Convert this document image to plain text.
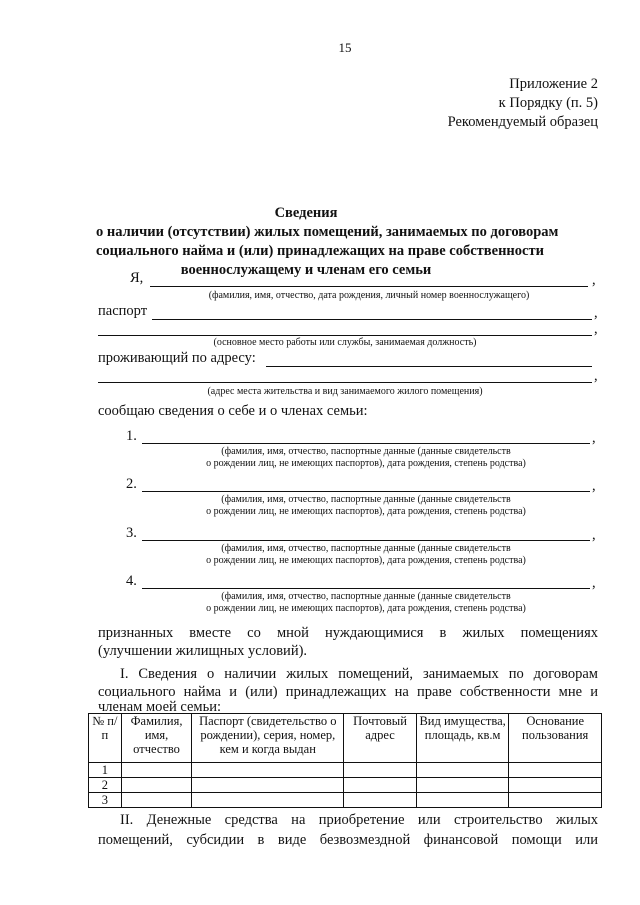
15
Приложение 2
к Порядку (п. 5)
Рекомендуемый образец
Сведения
о наличии (отсутствии) жилых помещений, занимаемых по договорам
социального найма и (или) принадлежащих на праве собственности
военнослужащему и членам его семьи
Я,	,
(фамилия, имя, отчество, дата рождения, личный номер военнослужащего)
паспорт	,
,
(основное место работы или службы, занимаемая должность)
проживающий по адресу:
,
(адрес места жительства и вид занимаемого жилого помещения)
сообщаю сведения о себе и о членах семьи:
1.	,
(фамилия, имя, отчество, паспортные данные (данные свидетельств
о рождении лиц, не имеющих паспортов), дата рождения, степень родства)
2.	,
(фамилия, имя, отчество, паспортные данные (данные свидетельств
о рождении лиц, не имеющих паспортов), дата рождения, степень родства)
3.	,
(фамилия, имя, отчество, паспортные данные (данные свидетельств
о рождении лиц, не имеющих паспортов), дата рождения, степень родства)
4.	,
(фамилия, имя, отчество, паспортные данные (данные свидетельств
о рождении лиц, не имеющих паспортов), дата рождения, степень родства)
признанных вместе со мной нуждающимися в жилых помещениях
(улучшении жилищных условий).
I. Сведения о наличии жилых помещений, занимаемых по договорам
социального найма и (или) принадлежащих на праве собственности мне и
членам моей семьи:
№ п/п	Фамилия, имя, отчество	Паспорт (свидетельство о рождении), серия, номер, кем и когда выдан	Почтовый адрес	Вид имущества, площадь, кв.м	Основание пользования
1					
2					
3					
II. Денежные средства на приобретение или строительство жилых
помещений, субсидии в виде безвозмездной финансовой помощи или
